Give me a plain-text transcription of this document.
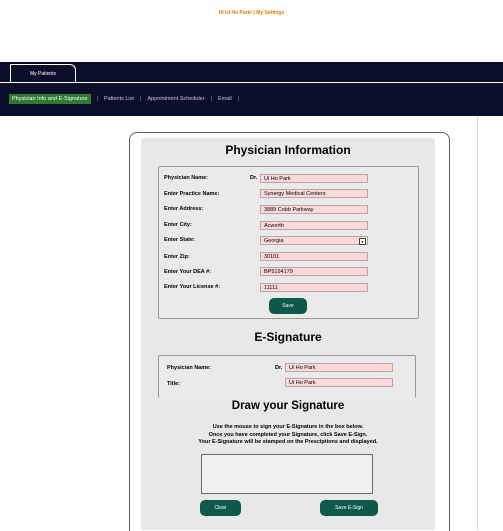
Hi Ui Ho Park! | My Settings
My Patients
Physician Info and E-Signature	| Patients List | Appointment Scheduler | Email |
Physician Information
Physician Name:	Dr.	Ui Ho Park
Enter Practice Name:	Synergy Medical Centers
Enter Address:	3889 Cobb Parkway
Enter City:	Acworth
Enter State:	Georgia	▾
Enter Zip:	30101
Enter Your DEA #:	BP5194179
Enter Your License #:	11111
Save
E-Signature
Physician Name:	Dr.	Ui Ho Park
Title:	Ui Ho Park
Draw your Signature
Use the mouse to sign your E-Signature in the box below.
Once you have completed your Signature, click Save E-Sign.
Your E-Signature will be stamped on the Presciptions and displayed.
Clear	Save E-Sign
